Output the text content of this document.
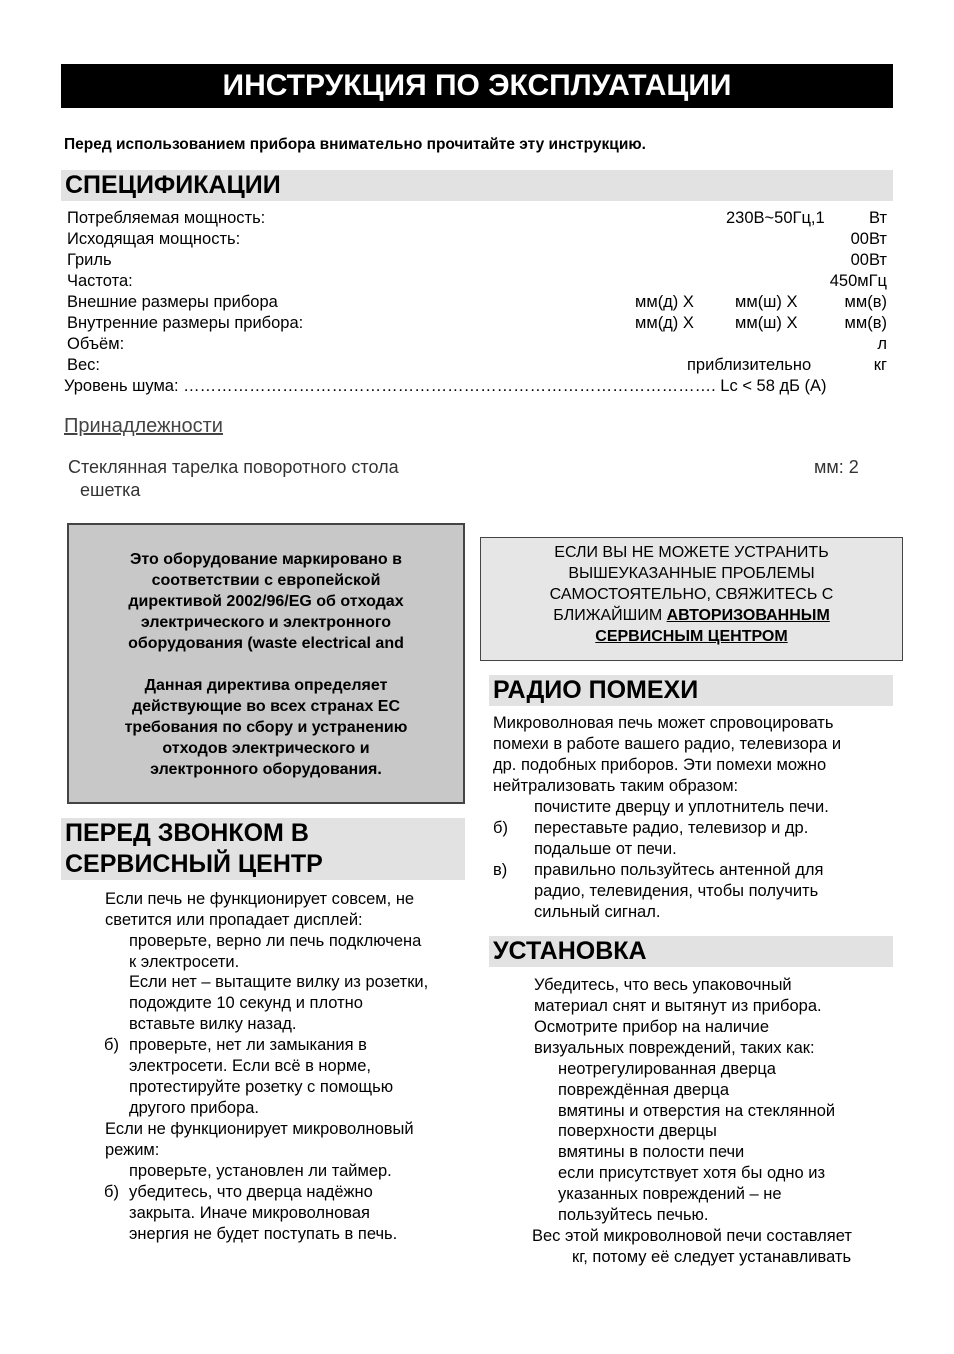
ИНСТРУКЦИЯ ПО ЭКСПЛУАТАЦИИ
Перед использованием прибора внимательно прочитайте эту инструкцию.
СПЕЦИФИКАЦИИ
Потребляемая мощность:	230В~50Гц,1	Вт
Исходящая мощность:	00Вт
Гриль	00Вт
Частота:	450мГц
Внешние размеры прибора	мм(д) X мм(ш) X	мм(в)
Внутренние размеры прибора:	мм(д) X мм(ш) X	мм(в)
Объём:	л
Вес:	приблизительно	кг
Уровень шума: ……………………………………………………………………………………. Lc < 58 дБ (А)
Принадлежности
Стеклянная тарелка поворотного стола	мм: 2
ешетка

Это оборудование маркировано в

соответствии с европейской

директивой 2002/96/EG об отходах

электрического и электронного

оборудования (waste electrical and

Данная директива определяет

действующие во всех странах ЕС

требования по сбору и устранению

отходов электрического и

электронного оборудования.

ЕСЛИ ВЫ НЕ МОЖЕТЕ УСТРАНИТЬ
ВЫШЕУКАЗАННЫЕ ПРОБЛЕМЫ
САМОСТОЯТЕЛЬНО, СВЯЖИТЕСЬ С
БЛИЖАЙШИМ АВТОРИЗОВАННЫМ
СЕРВИСНЫМ ЦЕНТРОМ
ПЕРЕД ЗВОНКОМ В
СЕРВИСНЫЙ ЦЕНТР
Если печь не функционирует совсем, не
светится или пропадает дисплей:
проверьте, верно ли печь подключена
к электросети.
Если нет – вытащите вилку из розетки,
подождите 10 секунд и плотно
вставьте вилку назад.
б) проверьте, нет ли замыкания в
электросети. Если всё в норме,
протестируйте розетку с помощью
другого прибора.
Если не функционирует микроволновый
режим:
проверьте, установлен ли таймер.
б) убедитесь, что дверца надёжно
закрыта. Иначе микроволновая
энергия не будет поступать в печь.
РАДИО ПОМЕХИ
Микроволновая печь может спровоцировать
помехи в работе вашего радио, телевизора и
др. подобных приборов. Эти помехи можно
нейтрализовать таким образом:
почистите дверцу и уплотнитель печи.
б) переставьте радио, телевизор и др.
подальше от печи.
в) правильно пользуйтесь антенной для
радио, телевидения, чтобы получить
сильный сигнал.
УСТАНОВКА
Убедитесь, что весь упаковочный
материал снят и вытянут из прибора.
Осмотрите прибор на наличие
визуальных повреждений, таких как:
неотрегулированная дверца
повреждённая дверца
вмятины и отверстия на стеклянной
поверхности дверцы
вмятины в полости печи
если присутствует хотя бы одно из
указанных повреждений – не
пользуйтесь печью.
Вес этой микроволновой печи составляет
кг, потому её следует устанавливать
